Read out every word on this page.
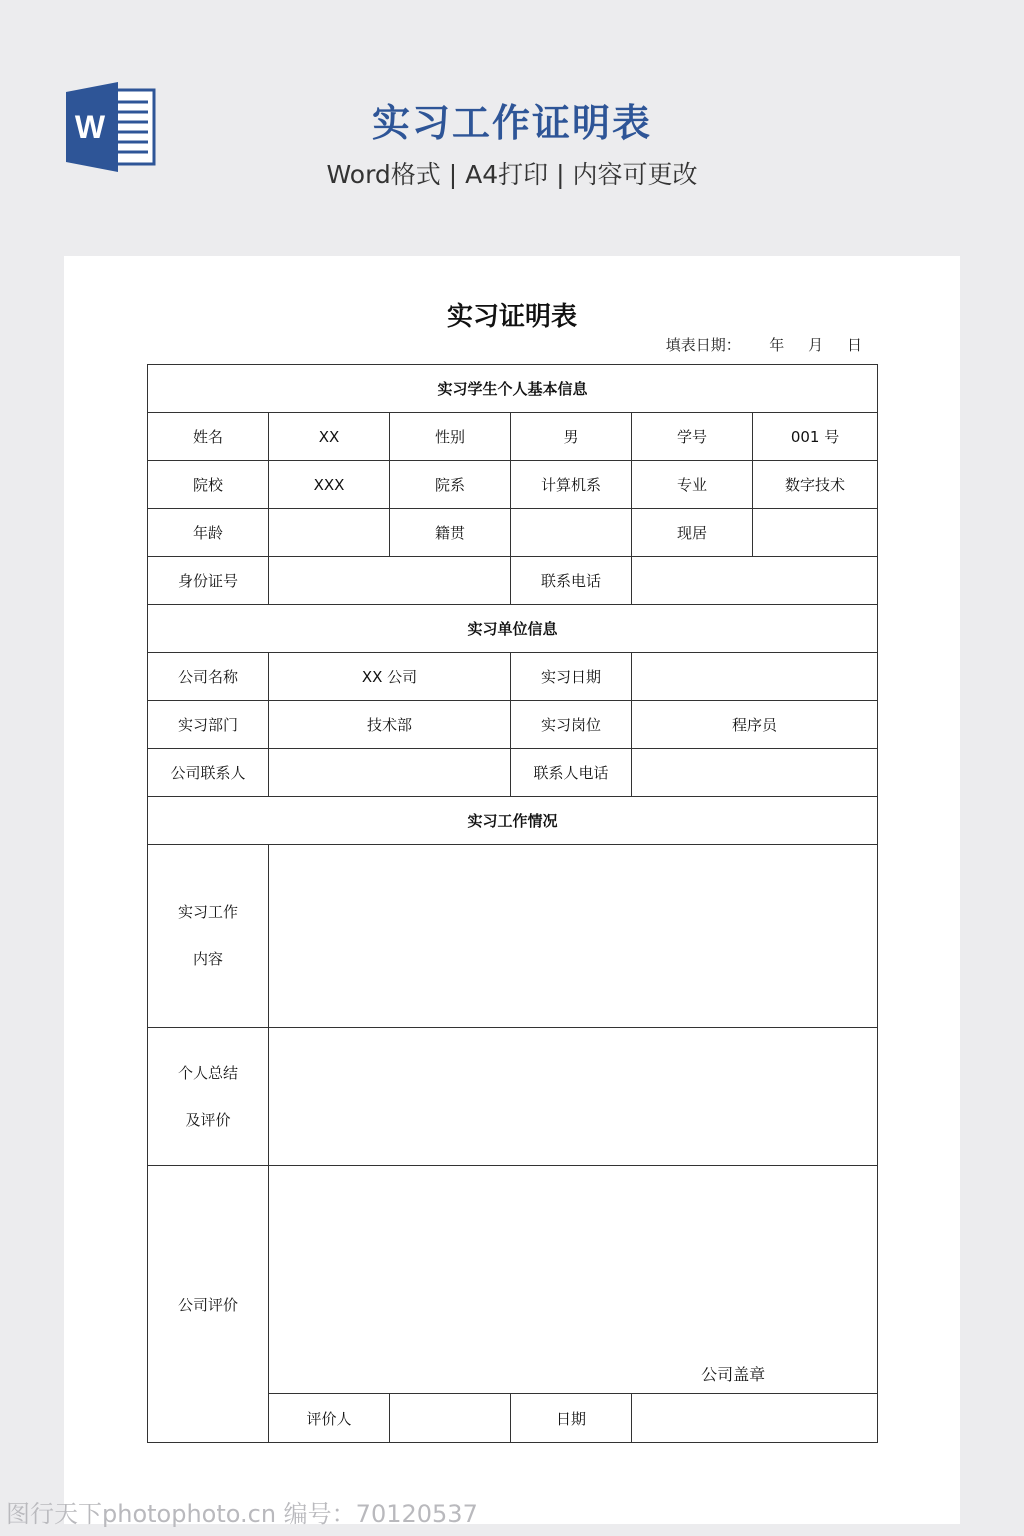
W	实习工作证明表
Word格式 | A4打印 | 内容可更改
实习证明表
填表日期：      年     月     日
实习学生个人基本信息					
姓名	XX	性别	男	学号	001 号
院校	XXX	院系	计算机系	专业	数字技术
年龄		籍贯		现居	
身份证号			联系电话		
实习单位信息					
公司名称	XX 公司		实习日期		
实习部门	技术部		实习岗位	程序员	
公司联系人			联系人电话		
实习工作情况					

实习工作
内容					

个人总结
及评价					

公司评价	公司盖章				

	评价人		日期		
图行天下photophoto.cn 编号：70120537
